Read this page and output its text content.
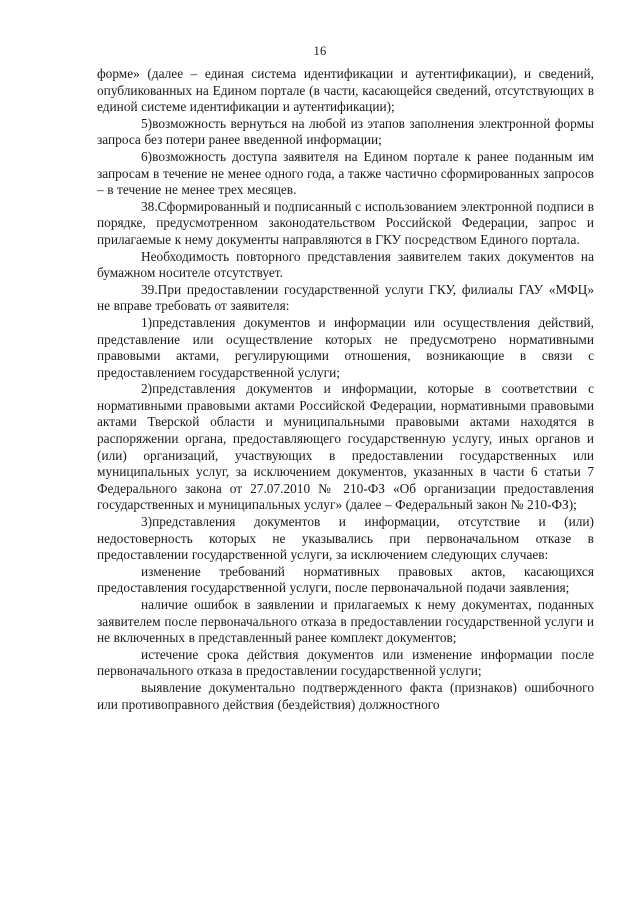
16

форме» (далее – единая система идентификации и аутентификации), и сведений, опубликованных на Едином портале (в части, касающейся сведений, отсутствующих в единой системе идентификации и аутентификации);

5)возможность вернуться на любой из этапов заполнения электронной формы запроса без потери ранее введенной информации;

6)возможность доступа заявителя на Едином портале к ранее поданным им запросам в течение не менее одного года, а также частично сформированных запросов – в течение не менее трех месяцев.

38.Сформированный и подписанный с использованием электронной подписи в порядке, предусмотренном законодательством Российской Федерации, запрос и прилагаемые к нему документы направляются в ГКУ посредством Единого портала.

Необходимость повторного представления заявителем таких документов на бумажном носителе отсутствует.

39.При предоставлении государственной услуги ГКУ, филиалы ГАУ «МФЦ» не вправе требовать от заявителя:

1)представления документов и информации или осуществления действий, представление или осуществление которых не предусмотрено нормативными правовыми актами, регулирующими отношения, возникающие в связи с предоставлением государственной услуги;

2)представления документов и информации, которые в соответствии с нормативными правовыми актами Российской Федерации, нормативными правовыми актами Тверской области и муниципальными правовыми актами находятся в распоряжении органа, предоставляющего государственную услугу, иных органов и (или) организаций, участвующих в предоставлении государственных или муниципальных услуг, за исключением документов, указанных в части 6 статьи 7 Федерального закона от 27.07.2010 № 210-ФЗ «Об организации предоставления государственных и муниципальных услуг» (далее – Федеральный закон № 210-ФЗ);

3)представления документов и информации, отсутствие и (или) недостоверность которых не указывались при первоначальном отказе в предоставлении государственной услуги, за исключением следующих случаев:

изменение требований нормативных правовых актов, касающихся предоставления государственной услуги, после первоначальной подачи заявления;

наличие ошибок в заявлении и прилагаемых к нему документах, поданных заявителем после первоначального отказа в предоставлении государственной услуги и не включенных в представленный ранее комплект документов;

истечение срока действия документов или изменение информации после первоначального отказа в предоставлении государственной услуги;

выявление документально подтвержденного факта (признаков) ошибочного или противоправного действия (бездействия) должностного
